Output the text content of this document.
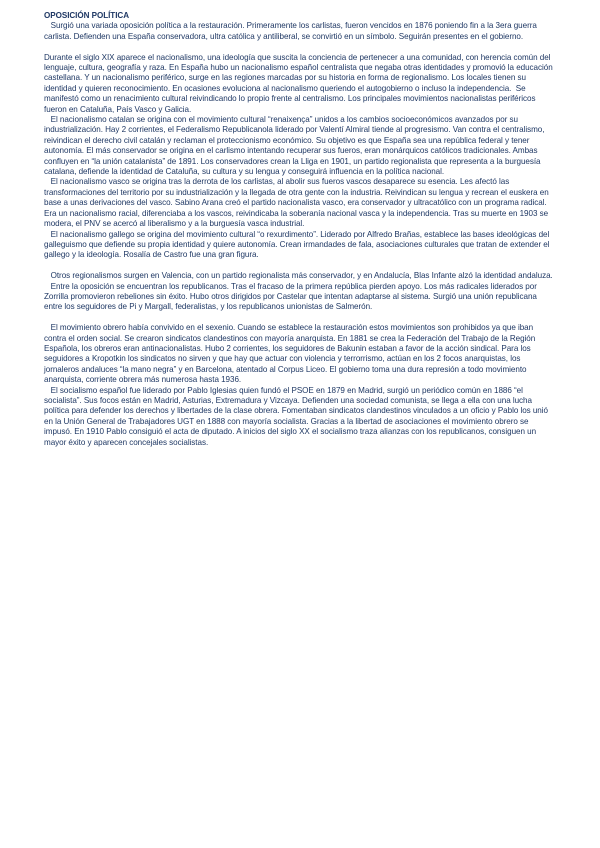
OPOSICIÓN POLÍTICA

Surgió una variada oposición política a la restauración. Primeramente los carlistas, fueron vencidos en 1876 poniendo fin a la 3era guerra carlista. Defienden una España conservadora, ultra católica y antiliberal, se convirtió en un símbolo. Seguirán presentes en el gobierno.

Durante el siglo XIX aparece el nacionalismo, una ideología que suscita la conciencia de pertenecer a una comunidad, con herencia común del lenguaje, cultura, geografía y raza. En España hubo un nacionalismo español centralista que negaba otras identidades y promovió la educación castellana. Y un nacionalismo periférico, surge en las regiones marcadas por su historia en forma de regionalismo. Los locales tienen su identidad y quieren reconocimiento. En ocasiones evoluciona al nacionalismo queriendo el autogobierno o incluso la independencia.  Se manifestó como un renacimiento cultural reivindicando lo propio frente al centralismo. Los principales movimientos nacionalistas periféricos fueron en Cataluña, País Vasco y Galicia.

El nacionalismo catalan se origina con el movimiento cultural “renaixença” unidos a los cambios socioeconómicos avanzados por su industrialización. Hay 2 corrientes, el Federalismo Republicanola liderado por Valentí Almiral tiende al progresismo. Van contra el centralismo, reivindican el derecho civil catalán y reclaman el proteccionismo económico. Su objetivo es que España sea una república federal y tener autonomía. El más conservador se origina en el carlismo intentando recuperar sus fueros, eran monárquicos católicos tradicionales. Ambas confluyen en “la unión catalanista” de 1891. Los conservadores crean la Lliga en 1901, un partido regionalista que representa a la burguesía catalana, defiende la identidad de Cataluña, su cultura y su lengua y conseguirá influencia en la política nacional.

El nacionalismo vasco se origina tras la derrota de los carlistas, al abolir sus fueros vascos desaparece su esencia. Les afectó las transformaciones del territorio por su industrialización y la llegada de otra gente con la industria. Reivindican su lengua y recrean el euskera en base a unas derivaciones del vasco. Sabino Arana creó el partido nacionalista vasco, era conservador y ultracatólico con un programa radical. Era un nacionalismo racial, diferenciaba a los vascos, reivindicaba la soberanía nacional vasca y la independencia. Tras su muerte en 1903 se modera, el PNV se acercó al liberalismo y a la burguesía vasca industrial.

El nacionalismo gallego se origina del movimiento cultural “o rexurdimento”. Liderado por Alfredo Brañas, establece las bases ideológicas del galleguismo que defiende su propia identidad y quiere autonomía. Crean irmandades de fala, asociaciones culturales que tratan de extender el gallego y la ideología. Rosalía de Castro fue una gran figura.

Otros regionalismos surgen en Valencia, con un partido regionalista más conservador, y en Andalucía, Blas Infante alzó la identidad andaluza.

Entre la oposición se encuentran los republicanos. Tras el fracaso de la primera república pierden apoyo. Los más radicales liderados por Zorrilla promovieron rebeliones sin éxito. Hubo otros dirigidos por Castelar que intentan adaptarse al sistema. Surgió una unión republicana entre los seguidores de Pi y Margall, federalistas, y los republicanos unionistas de Salmerón.

El movimiento obrero había convivido en el sexenio. Cuando se establece la restauración estos movimientos son prohibidos ya que iban contra el orden social. Se crearon sindicatos clandestinos con mayoría anarquista. En 1881 se crea la Federación del Trabajo de la Región Española, los obreros eran antinacionalistas. Hubo 2 corrientes, los seguidores de Bakunin estaban a favor de la acción sindical. Para los seguidores a Kropotkin los sindicatos no sirven y que hay que actuar con violencia y terrorrismo, actúan en los 2 focos anarquistas, los jornaleros andaluces “la mano negra” y en Barcelona, atentado al Corpus Liceo. El gobierno toma una dura represión a todo movimiento anarquista, corriente obrera más numerosa hasta 1936.

El socialismo español fue liderado por Pablo Iglesias quien fundó el PSOE en 1879 en Madrid, surgió un periódico común en 1886 “el socialista”. Sus focos están en Madrid, Asturias, Extremadura y Vizcaya. Defienden una sociedad comunista, se llega a ella con una lucha política para defender los derechos y libertades de la clase obrera. Fomentaban sindicatos clandestinos vinculados a un oficio y Pablo los unió en la Unión General de Trabajadores UGT en 1888 con mayoría socialista. Gracias a la libertad de asociaciones el movimiento obrero se impusó. En 1910 Pablo consiguió el acta de diputado. A inicios del siglo XX el socialismo traza alianzas con los republicanos, consiguen un mayor éxito y aparecen concejales socialistas.
